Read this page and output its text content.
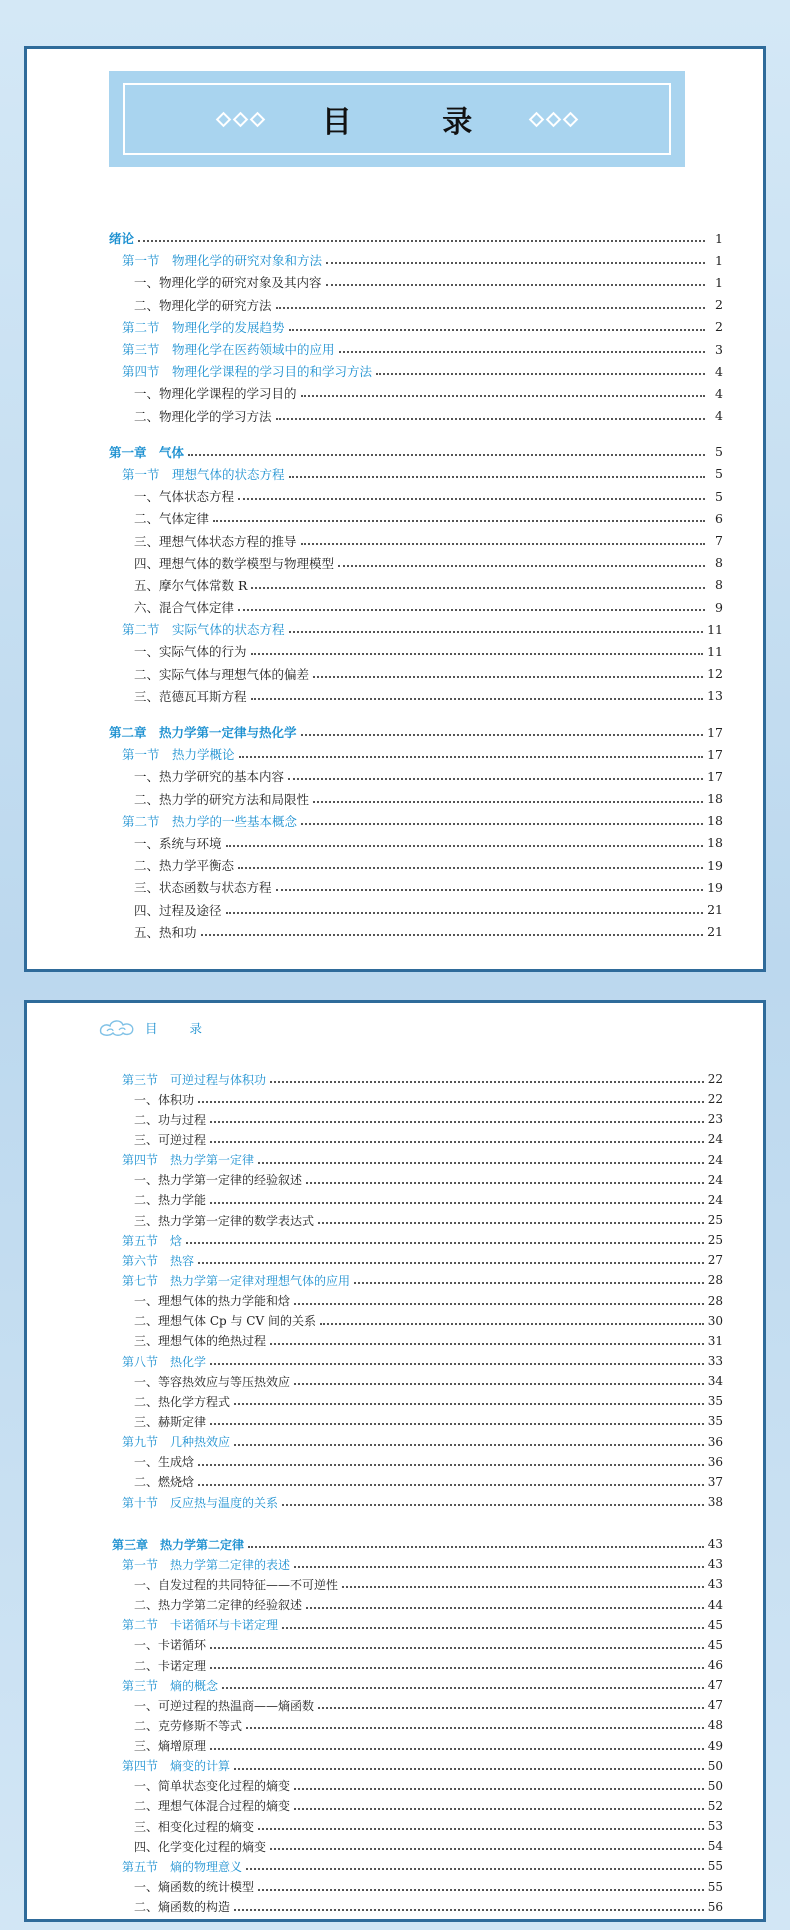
目 录
绪论	1
第一节　物理化学的研究对象和方法	1
一、物理化学的研究对象及其内容	1
二、物理化学的研究方法	2
第二节　物理化学的发展趋势	2
第三节　物理化学在医药领域中的应用	3
第四节　物理化学课程的学习目的和学习方法	4
一、物理化学课程的学习目的	4
二、物理化学的学习方法	4
第一章　气体	5
第一节　理想气体的状态方程	5
一、气体状态方程	5
二、气体定律	6
三、理想气体状态方程的推导	7
四、理想气体的数学模型与物理模型	8
五、摩尔气体常数 R	8
六、混合气体定律	9
第二节　实际气体的状态方程	11
一、实际气体的行为	11
二、实际气体与理想气体的偏差	12
三、范德瓦耳斯方程	13
第二章　热力学第一定律与热化学	17
第一节　热力学概论	17
一、热力学研究的基本内容	17
二、热力学的研究方法和局限性	18
第二节　热力学的一些基本概念	18
一、系统与环境	18
二、热力学平衡态	19
三、状态函数与状态方程	19
四、过程及途径	21
五、热和功	21
目 录
第三节　可逆过程与体积功	22
一、体积功	22
二、功与过程	23
三、可逆过程	24
第四节　热力学第一定律	24
一、热力学第一定律的经验叙述	24
二、热力学能	24
三、热力学第一定律的数学表达式	25
第五节　焓	25
第六节　热容	27
第七节　热力学第一定律对理想气体的应用	28
一、理想气体的热力学能和焓	28
二、理想气体 Cp 与 CV 间的关系	30
三、理想气体的绝热过程	31
第八节　热化学	33
一、等容热效应与等压热效应	34
二、热化学方程式	35
三、赫斯定律	35
第九节　几种热效应	36
一、生成焓	36
二、燃烧焓	37
第十节　反应热与温度的关系	38
第三章　热力学第二定律	43
第一节　热力学第二定律的表述	43
一、自发过程的共同特征——不可逆性	43
二、热力学第二定律的经验叙述	44
第二节　卡诺循环与卡诺定理	45
一、卡诺循环	45
二、卡诺定理	46
第三节　熵的概念	47
一、可逆过程的热温商——熵函数	47
二、克劳修斯不等式	48
三、熵增原理	49
第四节　熵变的计算	50
一、简单状态变化过程的熵变	50
二、理想气体混合过程的熵变	52
三、相变化过程的熵变	53
四、化学变化过程的熵变	54
第五节　熵的物理意义	55
一、熵函数的统计模型	55
二、熵函数的构造	56
